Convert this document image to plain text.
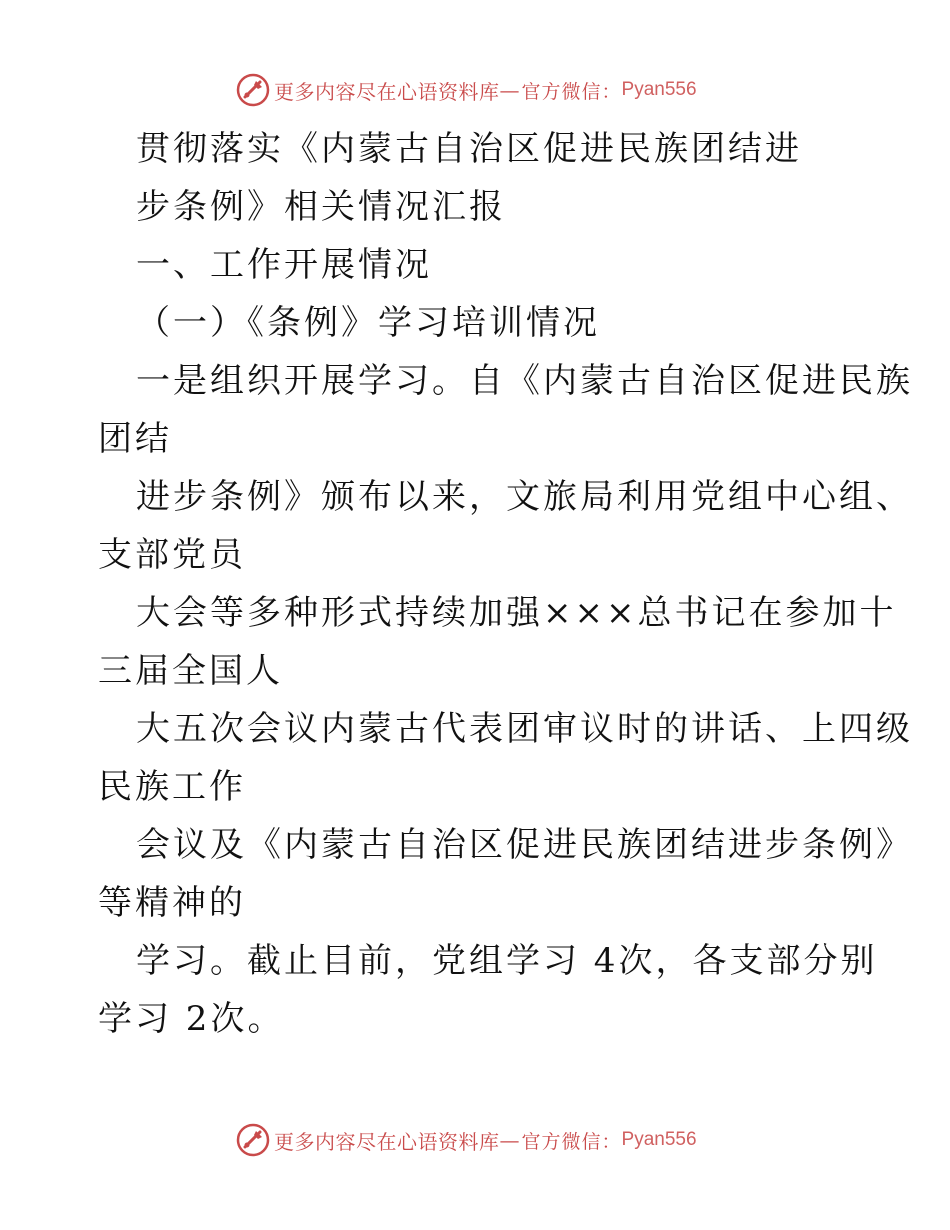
更多内容尽在心语资料库 — 官方微信： Pyan556
贯彻落实《内蒙古自治区促进民族团结进
步条例》相关情况汇报
一、工作开展情况
（一）《条例》学习培训情况
一是组织开展学习。自《内蒙古自治区促进民族
团结
进步条例》颁布以来，文旅局利用党组中心组、
支部党员
大会等多种形式持续加强×××总书记在参加十
三届全国人
大五次会议内蒙古代表团审议时的讲话、上四级
民族工作
会议及《内蒙古自治区促进民族团结进步条例》
等精神的
学习。截止目前，党组学习 4次，各支部分别
学习 2次。
更多内容尽在心语资料库 — 官方微信： Pyan556
